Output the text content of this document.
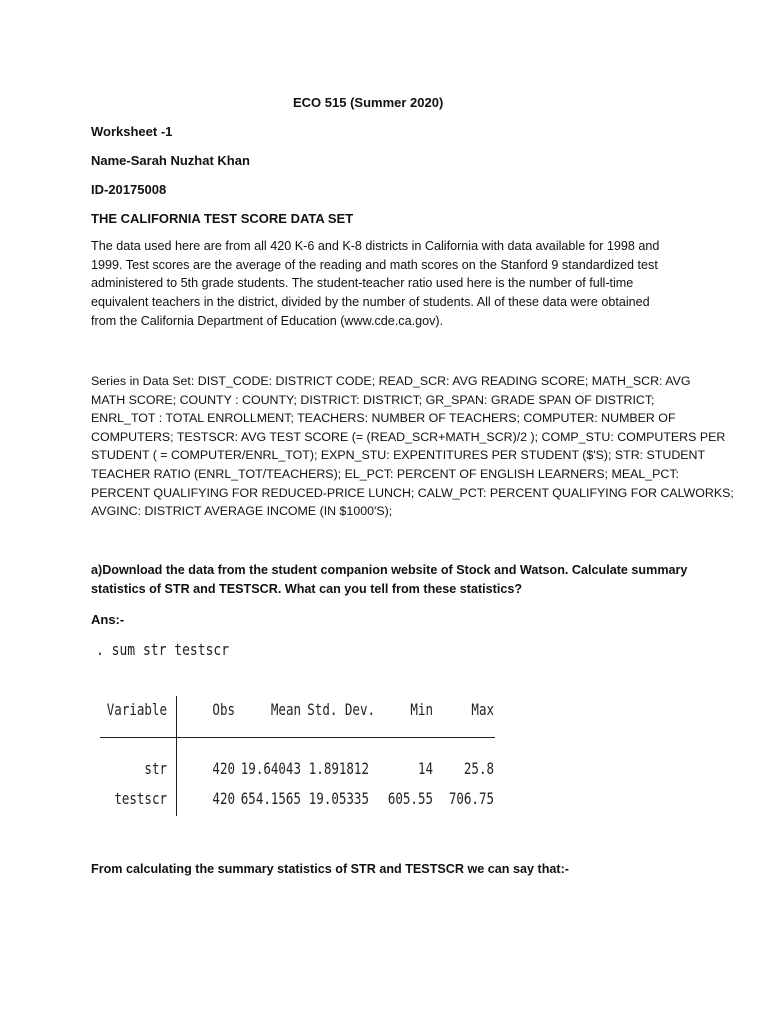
ECO 515 (Summer 2020)
Worksheet -1
Name-Sarah Nuzhat Khan
ID-20175008
THE CALIFORNIA TEST SCORE DATA SET
The data used here are from all 420 K-6 and K-8 districts in California with data available for 1998 and
1999. Test scores are the average of the reading and math scores on the Stanford 9 standardized test
administered to 5th grade students. The student-teacher ratio used here is the number of full-time
equivalent teachers in the district, divided by the number of students. All of these data were obtained
from the California Department of Education (www.cde.ca.gov).
Series in Data Set: DIST_CODE: DISTRICT CODE; READ_SCR: AVG READING SCORE; MATH_SCR: AVG
MATH SCORE; COUNTY : COUNTY; DISTRICT: DISTRICT; GR_SPAN: GRADE SPAN OF DISTRICT;
ENRL_TOT : TOTAL ENROLLMENT; TEACHERS: NUMBER OF TEACHERS; COMPUTER: NUMBER OF
COMPUTERS; TESTSCR: AVG TEST SCORE (= (READ_SCR+MATH_SCR)/2 ); COMP_STU: COMPUTERS PER
STUDENT ( = COMPUTER/ENRL_TOT); EXPN_STU: EXPENTITURES PER STUDENT ($'S); STR: STUDENT
TEACHER RATIO (ENRL_TOT/TEACHERS); EL_PCT: PERCENT OF ENGLISH LEARNERS; MEAL_PCT:
PERCENT QUALIFYING FOR REDUCED-PRICE LUNCH; CALW_PCT: PERCENT QUALIFYING FOR CALWORKS;
AVGINC: DISTRICT AVERAGE INCOME (IN $1000'S);
a)Download the data from the student companion website of Stock and Watson. Calculate summary
statistics of STR and TESTSCR. What can you tell from these statistics?
Ans:-
. sum str testscr
Variable	Obs	Mean Std. Dev.	Min	Max
str	420 19.64043 1.891812	14	25.8
testscr	420 654.1565 19.05335	605.55	706.75
From calculating the summary statistics of STR and TESTSCR we can say that:-
